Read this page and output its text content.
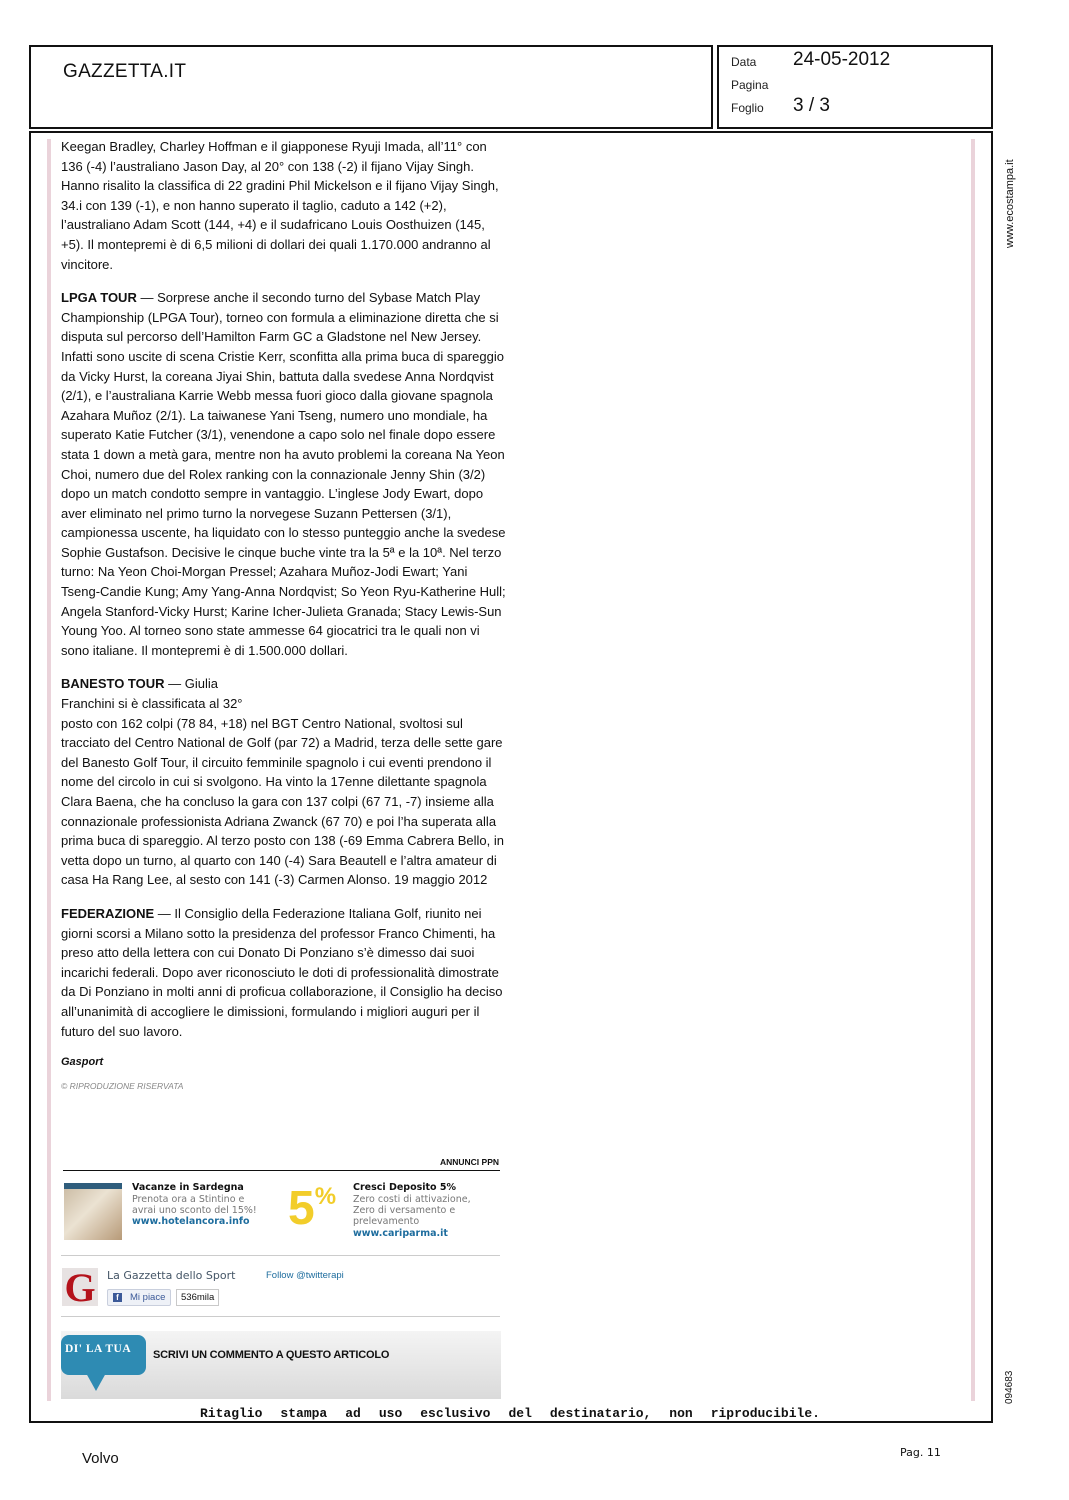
GAZZETTA.IT	Data 24-05-2012
Pagina
Foglio 3 / 3
www.ecostampa.it
094683

Keegan Bradley, Charley Hoffman e il giapponese Ryuji Imada, all’11° con 136 (-4) l’australiano Jason Day, al 20° con 138 (-2) il fijano Vijay Singh. Hanno risalito la classifica di 22 gradini Phil Mickelson e il fijano Vijay Singh, 34.i con 139 (-1), e non hanno superato il taglio, caduto a 142 (+2), l’australiano Adam Scott (144, +4) e il sudafricano Louis Oosthuizen (145, +5). Il montepremi è di 6,5 milioni di dollari dei quali 1.170.000 andranno al vincitore.

LPGA TOUR — Sorprese anche il secondo turno del Sybase Match Play Championship (LPGA Tour), torneo con formula a eliminazione diretta che si disputa sul percorso dell’Hamilton Farm GC a Gladstone nel New Jersey. Infatti sono uscite di scena Cristie Kerr, sconfitta alla prima buca di spareggio da Vicky Hurst, la coreana Jiyai Shin, battuta dalla svedese Anna Nordqvist (2/1), e l’australiana Karrie Webb messa fuori gioco dalla giovane spagnola Azahara Muñoz (2/1). La taiwanese Yani Tseng, numero uno mondiale, ha superato Katie Futcher (3/1), venendone a capo solo nel finale dopo essere stata 1 down a metà gara, mentre non ha avuto problemi la coreana Na Yeon Choi, numero due del Rolex ranking con la connazionale Jenny Shin (3/2) dopo un match condotto sempre in vantaggio. L’inglese Jody Ewart, dopo aver eliminato nel primo turno la norvegese Suzann Pettersen (3/1), campionessa uscente, ha liquidato con lo stesso punteggio anche la svedese Sophie Gustafson. Decisive le cinque buche vinte tra la 5ª e la 10ª. Nel terzo turno: Na Yeon Choi-Morgan Pressel; Azahara Muñoz-Jodi Ewart; Yani Tseng-Candie Kung; Amy Yang-Anna Nordqvist; So Yeon Ryu-Katherine Hull; Angela Stanford-Vicky Hurst; Karine Icher-Julieta Granada; Stacy Lewis-Sun Young Yoo. Al torneo sono state ammesse 64 giocatrici tra le quali non vi sono italiane. Il montepremi è di 1.500.000 dollari.

BANESTO TOUR — Giulia
Franchini si è classificata al 32°
posto con 162 colpi (78 84, +18) nel BGT Centro National, svoltosi sul tracciato del Centro National de Golf (par 72) a Madrid, terza delle sette gare del Banesto Golf Tour, il circuito femminile spagnolo i cui eventi prendono il nome del circolo in cui si svolgono. Ha vinto la 17enne dilettante spagnola Clara Baena, che ha concluso la gara con 137 colpi (67 71, -7) insieme alla connazionale professionista Adriana Zwanck (67 70) e poi l’ha superata alla prima buca di spareggio. Al terzo posto con 138 (-69 Emma Cabrera Bello, in vetta dopo un turno, al quarto con 140 (-4) Sara Beautell e l’altra amateur di casa Ha Rang Lee, al sesto con 141 (-3) Carmen Alonso. 19 maggio 2012

FEDERAZIONE — Il Consiglio della Federazione Italiana Golf, riunito nei giorni scorsi a Milano sotto la presidenza del professor Franco Chimenti, ha preso atto della lettera con cui Donato Di Ponziano s’è dimesso dai suoi incarichi federali. Dopo aver riconosciuto le doti di professionalità dimostrate da Di Ponziano in molti anni di proficua collaborazione, il Consiglio ha deciso all’unanimità di accogliere le dimissioni, formulando i migliori auguri per il futuro del suo lavoro.

Gasport
© RIPRODUZIONE RISERVATA
ANNUNCI PPN
Vacanze in Sardegna
Prenota ora a Stintino e
avrai uno sconto del 15%!
www.hotelancora.info 5% Cresci Deposito 5%
Zero costi di attivazione,
Zero di versamento e
prelevamento
www.cariparma.it
G La Gazzetta dello Sport
f	Mi piace	536mila
Follow @twitterapi
DI' LA TUA SCRIVI UN COMMENTO A QUESTO ARTICOLO
Ritaglio stampa ad uso esclusivo del destinatario, non riproducibile.
Volvo	Pag. 11
